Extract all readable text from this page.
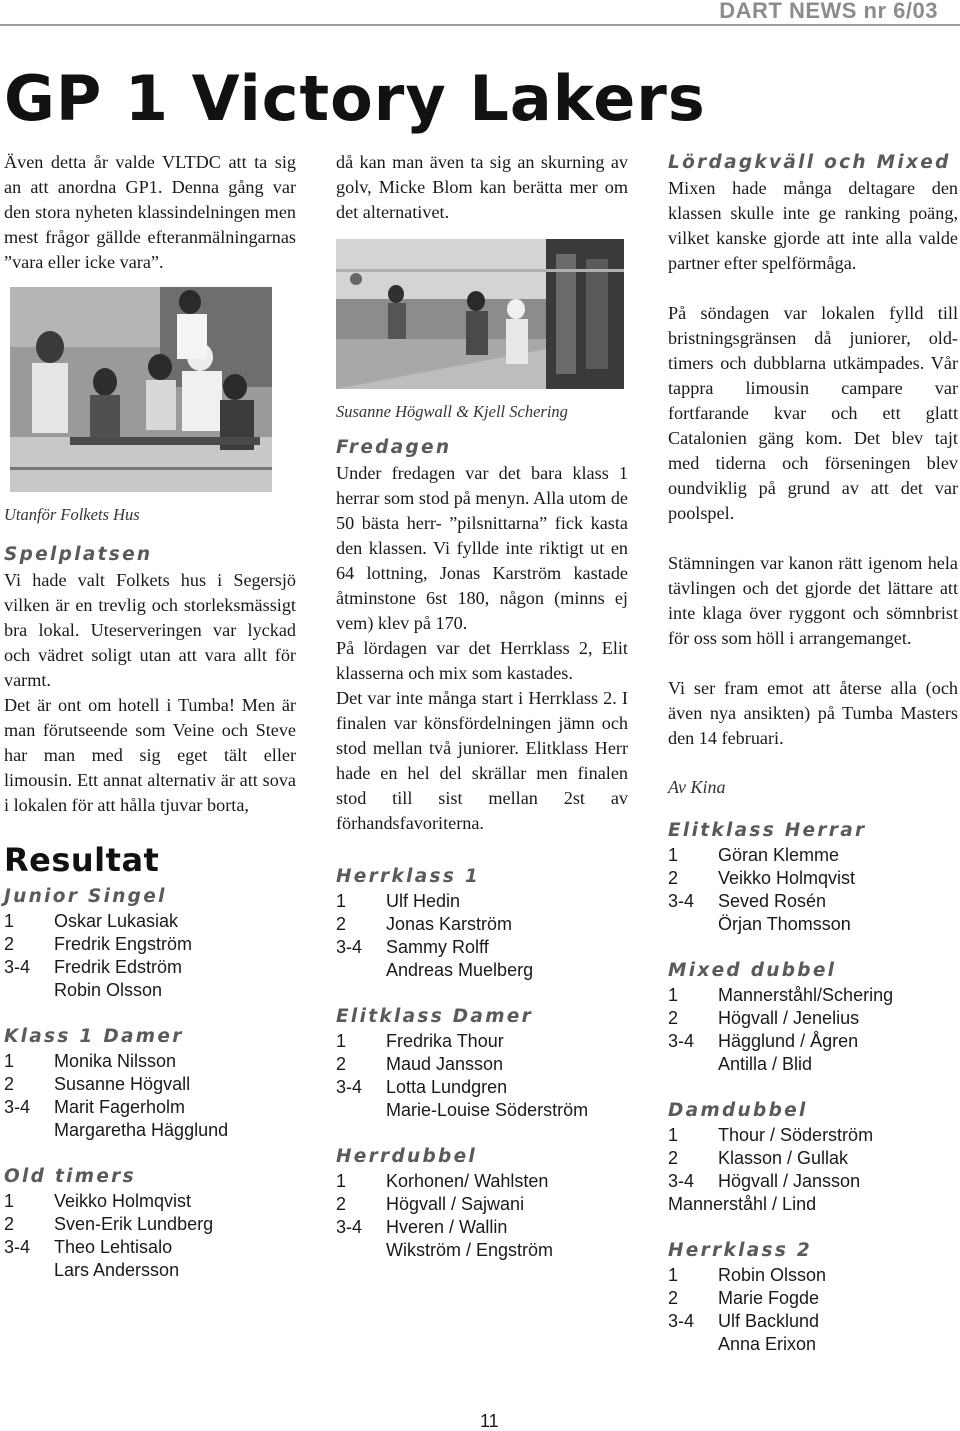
DART NEWS nr 6/03
GP 1 Victory Lakers

Även detta år valde VLTDC att ta sig an att anordna GP1. Denna gång var den stora nyheten klassindelningen men mest frågor gällde efteranmälningarnas ”vara eller icke vara”.

Utanför Folkets Hus
Spelplatsen

Vi hade valt Folkets hus i Segersjö vilken är en trevlig och storleksmässigt bra lokal. Uteserveringen var lyckad och vädret soligt utan att vara allt för varmt.

Det är ont om hotell i Tumba! Men är man förutseende som Veine och Steve har man med sig eget tält eller limousin. Ett annat alternativ är att sova i lokalen för att hålla tjuvar borta,

Resultat
Junior Singel
1	Oskar Lukasiak
2	Fredrik Engström
3-4	Fredrik Edström
Robin Olsson
Klass 1 Damer
1	Monika Nilsson
2	Susanne Högvall
3-4	Marit Fagerholm
Margaretha Hägglund
Old timers
1	Veikko Holmqvist
2	Sven-Erik Lundberg
3-4	Theo Lehtisalo
Lars Andersson

då kan man även ta sig an skurning av golv, Micke Blom kan berätta mer om det alternativet.

Susanne Högwall & Kjell Schering
Fredagen

Under fredagen var det bara klass 1 herrar som stod på menyn. Alla utom de 50 bästa herr- ”pilsnittarna” fick kasta den klassen. Vi fyllde inte riktigt ut en 64 lottning, Jonas Karström kastade åtminstone 6st 180, någon (minns ej vem) klev på 170.

På lördagen var det Herrklass 2, Elit klasserna och mix som kastades.

Det var inte många start i Herrklass 2. I finalen var könsfördelningen jämn och stod mellan två juniorer. Elitklass Herr hade en hel del skrällar men finalen stod till sist mellan 2st av förhandsfavoriterna.

Herrklass 1
1	Ulf Hedin
2	Jonas Karström
3-4	Sammy Rolff
Andreas Muelberg
Elitklass Damer
1	Fredrika Thour
2	Maud Jansson
3-4	Lotta Lundgren
Marie-Louise Söderström
Herrdubbel
1	Korhonen/ Wahlsten
2	Högvall / Sajwani
3-4	Hveren / Wallin
Wikström / Engström
Lördagkväll och Mixed

Mixen hade många deltagare den klassen skulle inte ge ranking poäng, vilket kanske gjorde att inte alla valde partner efter spelförmåga.

På söndagen var lokalen fylld till bristningsgränsen då juniorer, old-timers och dubblarna utkämpades. Vår tappra limousin campare var fortfarande kvar och ett glatt Catalonien gäng kom. Det blev tajt med tiderna och förseningen blev oundviklig på grund av att det var poolspel.

Stämningen var kanon rätt igenom hela tävlingen och det gjorde det lättare att inte klaga över ryggont och sömnbrist för oss som höll i arrangemanget.

Vi ser fram emot att återse alla (och även nya ansikten) på Tumba Masters den 14 februari.

Av Kina
Elitklass Herrar
1	Göran Klemme
2	Veikko Holmqvist
3-4	Seved Rosén
Örjan Thomsson
Mixed dubbel
1	Mannerståhl/Schering
2	Högvall / Jenelius
3-4	Hägglund / Ågren
Antilla / Blid
Damdubbel
1	Thour / Söderström
2	Klasson / Gullak
3-4	Högvall / Jansson
Mannerståhl / Lind
Herrklass 2
1	Robin Olsson
2	Marie Fogde
3-4	Ulf Backlund
Anna Erixon
11
